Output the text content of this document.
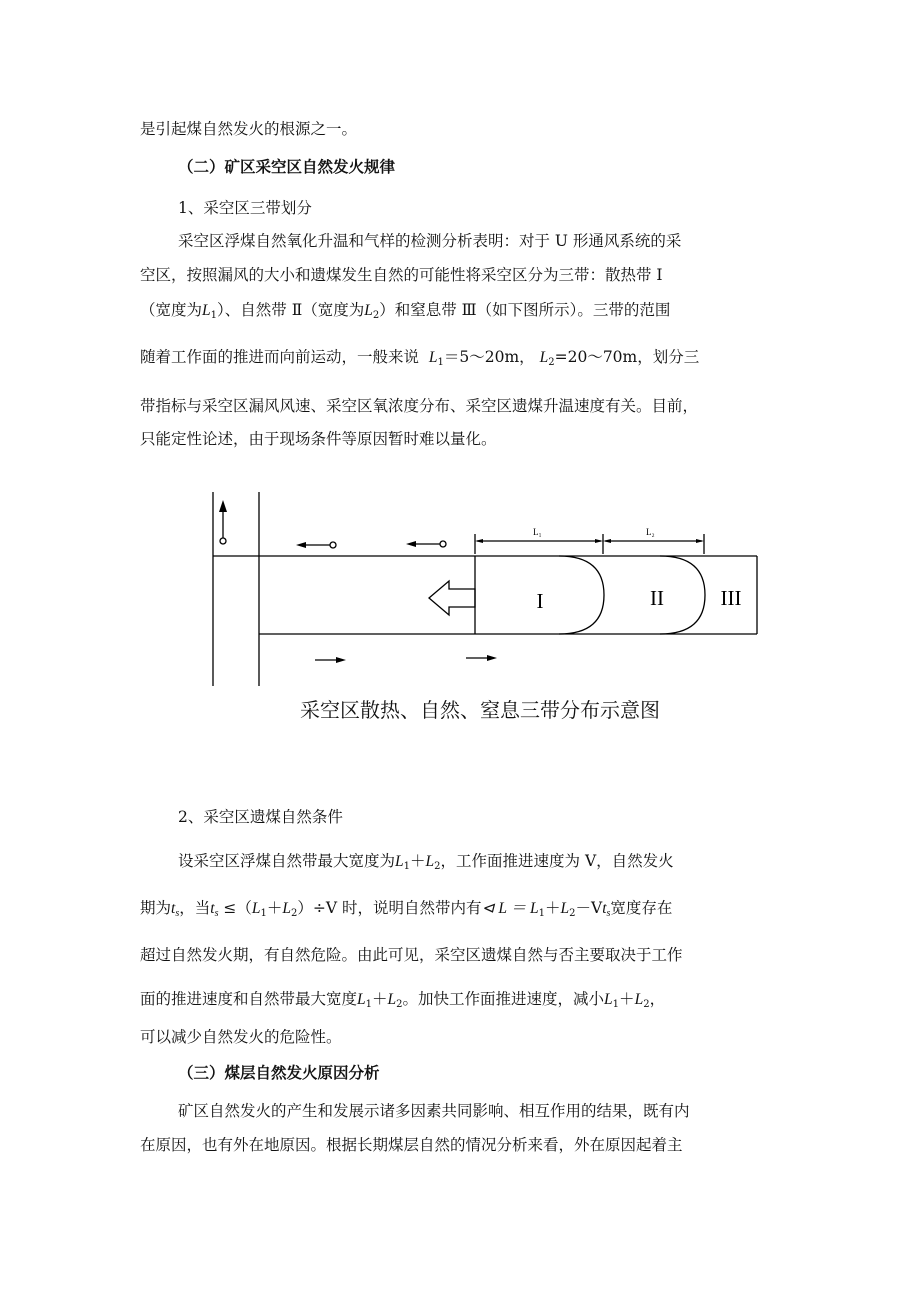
是引起煤自然发火的根源之一。
（二）矿区采空区自然发火规律
1、采空区三带划分
采空区浮煤自然氧化升温和气样的检测分析表明：对于 U 形通风系统的采
空区，按照漏风的大小和遗煤发生自然的可能性将采空区分为三带：散热带 I
（宽度为$L_1$）、自然带 Ⅱ（宽度为$L_2$）和窒息带 Ⅲ（如下图所示）。三带的范围
随着工作面的推进而向前运动，一般来说 $L_1=5\sim 20m$， $L_2=20\sim 70m$，划分三
带指标与采空区漏风风速、采空区氧浓度分布、采空区遗煤升温速度有关。目前，
只能定性论述，由于现场条件等原因暂时难以量化。
L₁	L₂
I	II	III
采空区散热、自然、窒息三带分布示意图
2、采空区遗煤自然条件
设采空区浮煤自然带最大宽度为$L_1+L_2$，工作面推进速度为 V，自然发火
期为$t_s$，当$t_s \le(L_1+L_2)\div V$ 时，说明自然带内有⊲ $L = L_1+L_2-Vt_s$宽度存在
超过自然发火期，有自然危险。由此可见，采空区遗煤自然与否主要取决于工作
面的推进速度和自然带最大宽度$L_1+L_2$。加快工作面推进速度，减小$L_1+L_2$，
可以减少自然发火的危险性。
（三）煤层自然发火原因分析
矿区自然发火的产生和发展示诸多因素共同影响、相互作用的结果，既有内
在原因，也有外在地原因。根据长期煤层自然的情况分析来看，外在原因起着主
